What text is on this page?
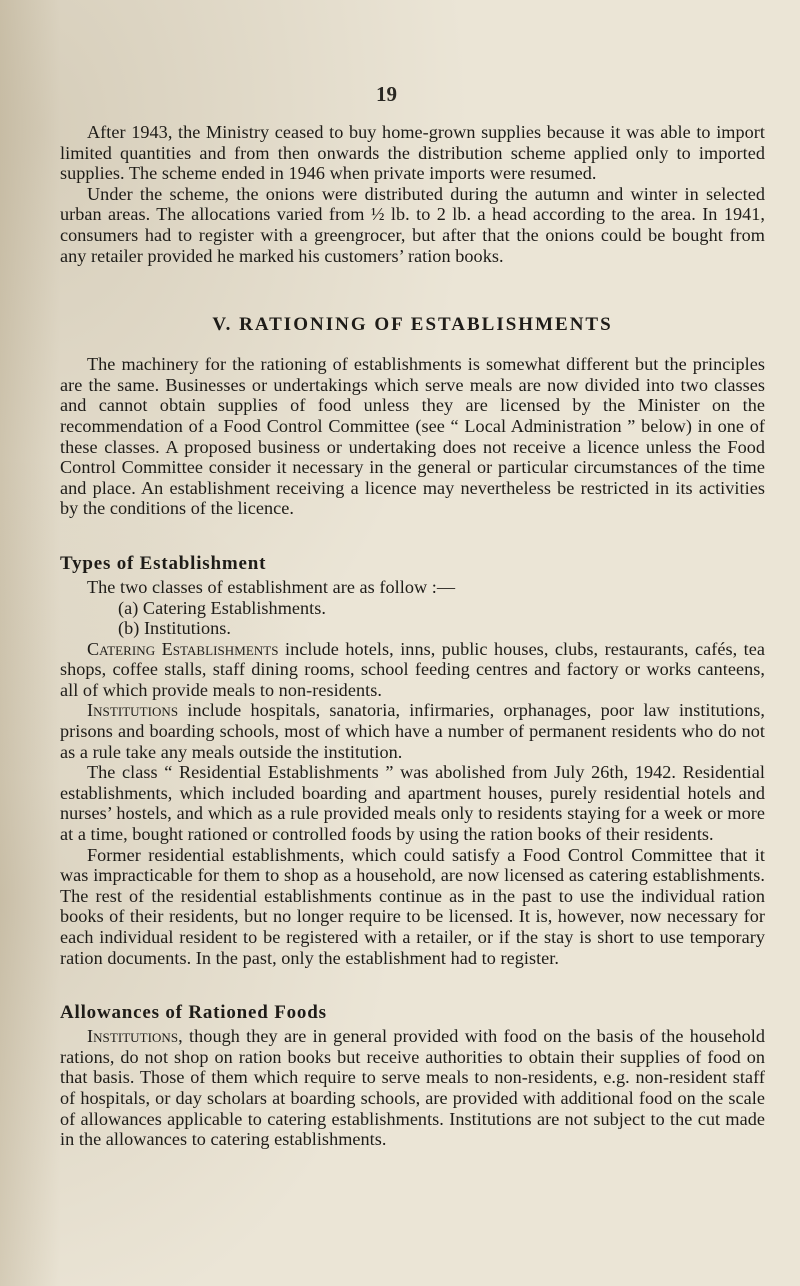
19

After 1943, the Ministry ceased to buy home-grown supplies because it was able to import limited quantities and from then onwards the distribution scheme applied only to imported supplies. The scheme ended in 1946 when private imports were resumed.

Under the scheme, the onions were distributed during the autumn and winter in selected urban areas. The allocations varied from ½ lb. to 2 lb. a head according to the area. In 1941, consumers had to register with a greengrocer, but after that the onions could be bought from any retailer provided he marked his customers’ ration books.

V. RATIONING OF ESTABLISHMENTS

The machinery for the rationing of establishments is somewhat different but the principles are the same. Businesses or undertakings which serve meals are now divided into two classes and cannot obtain supplies of food unless they are licensed by the Minister on the recommendation of a Food Control Committee (see “ Local Administration ” below) in one of these classes. A proposed business or undertaking does not receive a licence unless the Food Control Committee consider it necessary in the general or particular circumstances of the time and place. An establishment receiving a licence may nevertheless be restricted in its activities by the conditions of the licence.

Types of Establishment

The two classes of establishment are as follow :—

(a) Catering Establishments.

(b) Institutions.

Catering Establishments include hotels, inns, public houses, clubs, restaurants, cafés, tea shops, coffee stalls, staff dining rooms, school feeding centres and factory or works canteens, all of which provide meals to non-residents.

Institutions include hospitals, sanatoria, infirmaries, orphanages, poor law institutions, prisons and boarding schools, most of which have a number of permanent residents who do not as a rule take any meals outside the institution.

The class “ Residential Establishments ” was abolished from July 26th, 1942. Residential establishments, which included boarding and apartment houses, purely residential hotels and nurses’ hostels, and which as a rule provided meals only to residents staying for a week or more at a time, bought rationed or controlled foods by using the ration books of their residents.

Former residential establishments, which could satisfy a Food Control Committee that it was impracticable for them to shop as a household, are now licensed as catering establishments. The rest of the residential establishments continue as in the past to use the individual ration books of their residents, but no longer require to be licensed. It is, however, now necessary for each individual resident to be registered with a retailer, or if the stay is short to use temporary ration documents. In the past, only the establishment had to register.

Allowances of Rationed Foods

Institutions, though they are in general provided with food on the basis of the household rations, do not shop on ration books but receive authorities to obtain their supplies of food on that basis. Those of them which require to serve meals to non-residents, e.g. non-resident staff of hospitals, or day scholars at boarding schools, are provided with additional food on the scale of allowances applicable to catering establishments. Institutions are not subject to the cut made in the allowances to catering establishments.
